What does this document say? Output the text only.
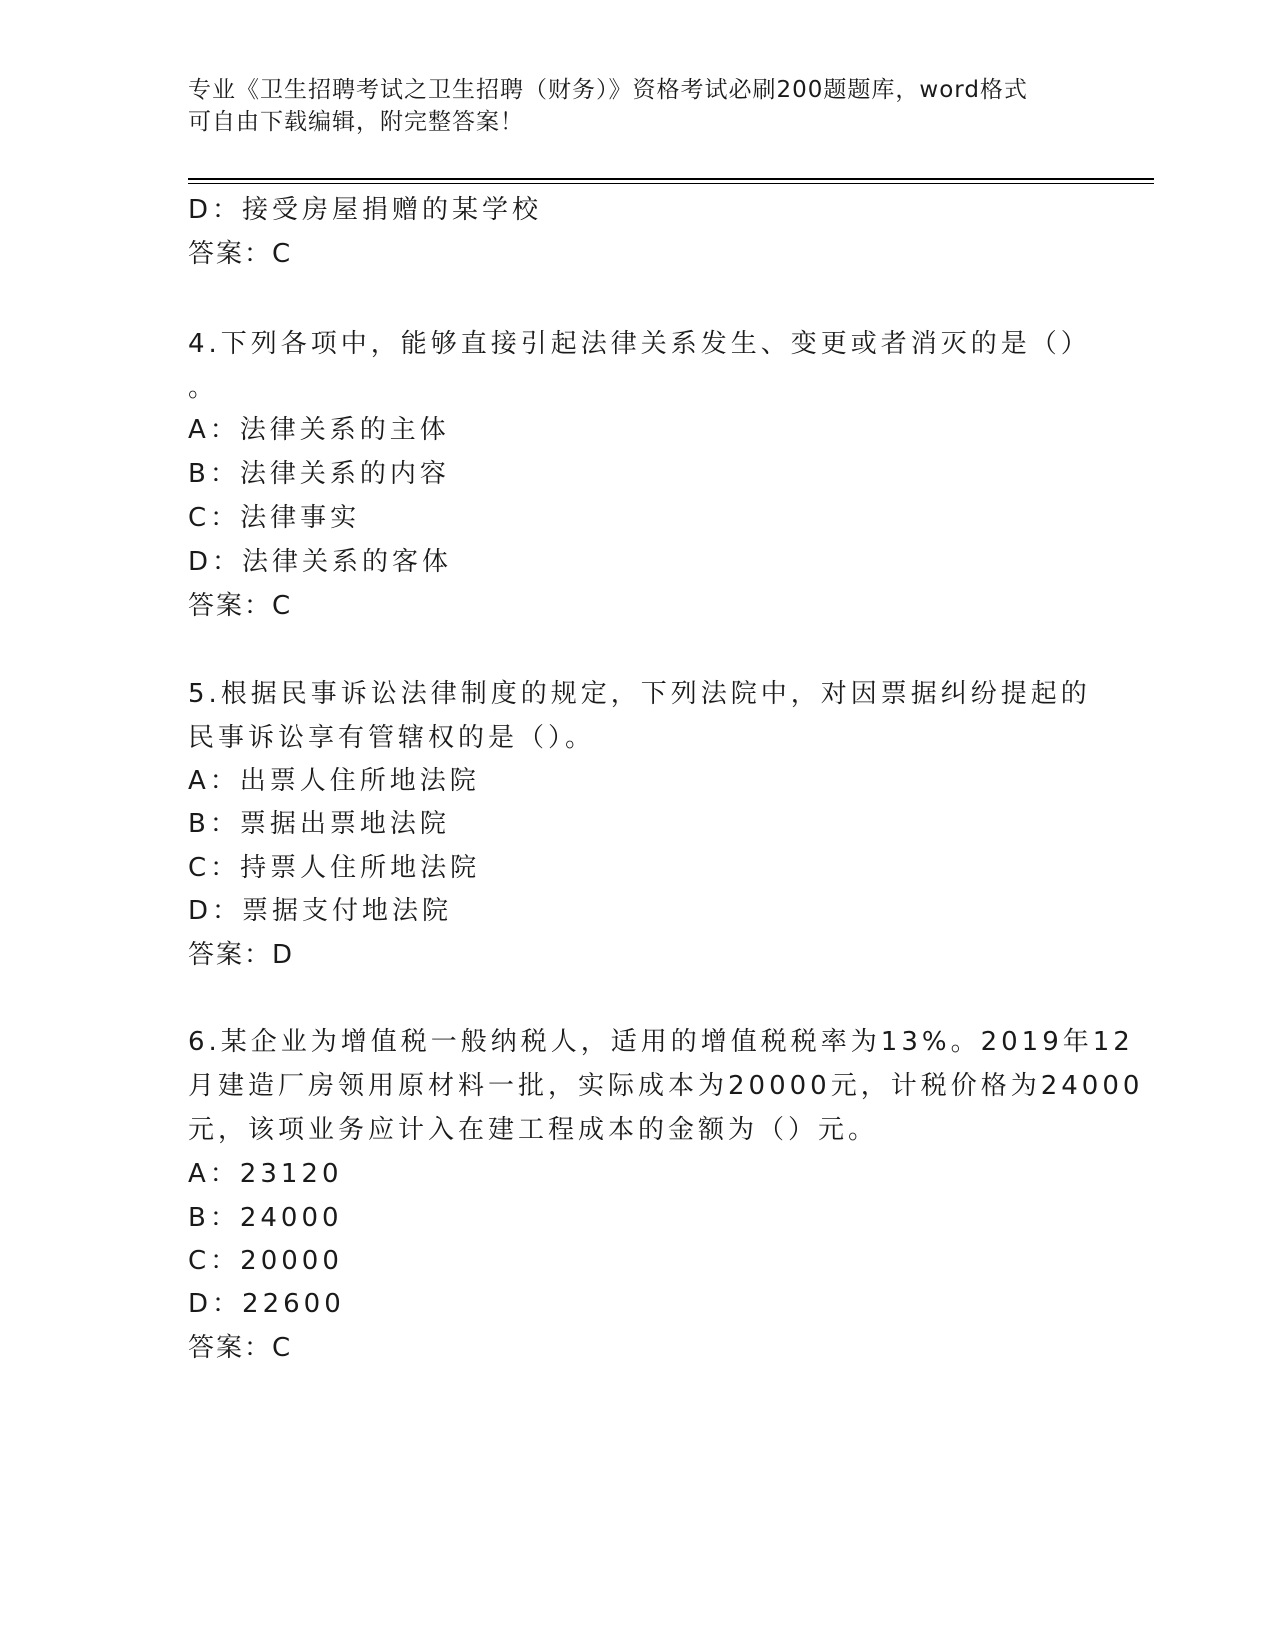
专业《卫生招聘考试之卫生招聘（财务）》资格考试必刷200题题库，word格式
可自由下载编辑，附完整答案！
D：接受房屋捐赠的某学校
答案：C
4.下列各项中，能够直接引起法律关系发生、变更或者消灭的是（）
。
A：法律关系的主体
B：法律关系的内容
C：法律事实
D：法律关系的客体
答案：C
5.根据民事诉讼法律制度的规定，下列法院中，对因票据纠纷提起的
民事诉讼享有管辖权的是（）。
A：出票人住所地法院
B：票据出票地法院
C：持票人住所地法院
D：票据支付地法院
答案：D
6.某企业为增值税一般纳税人，适用的增值税税率为13%。2019年12
月建造厂房领用原材料一批，实际成本为20000元，计税价格为24000
元，该项业务应计入在建工程成本的金额为（）元。
A：23120
B：24000
C：20000
D：22600
答案：C
